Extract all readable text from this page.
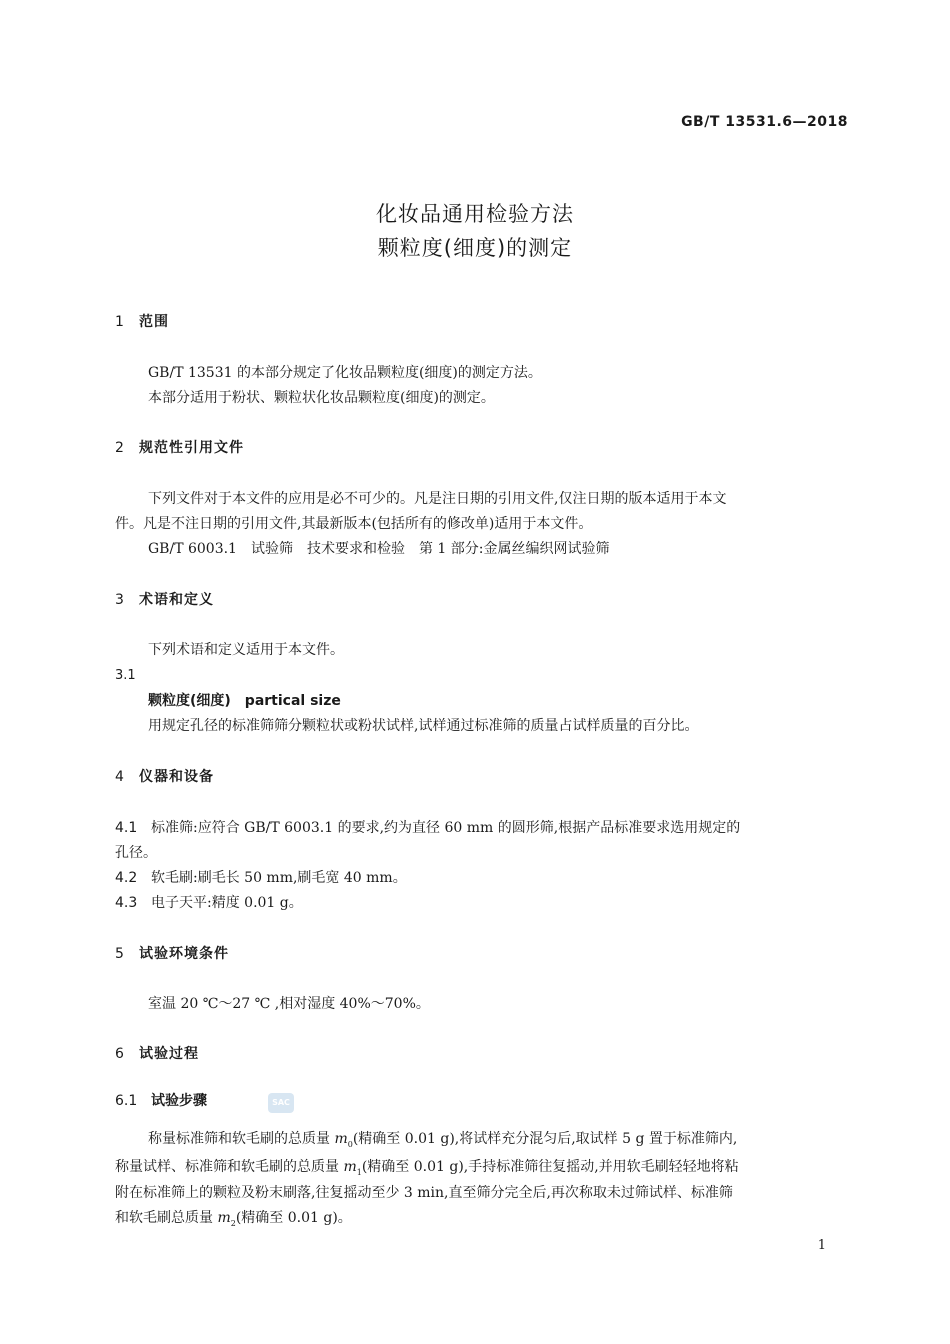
GB/T 13531.6—2018
化妆品通用检验方法
颗粒度(细度)的测定
1 范围
GB/T 13531 的本部分规定了化妆品颗粒度(细度)的测定方法。
本部分适用于粉状、颗粒状化妆品颗粒度(细度)的测定。
2 规范性引用文件
下列文件对于本文件的应用是必不可少的。凡是注日期的引用文件,仅注日期的版本适用于本文
件。凡是不注日期的引用文件,其最新版本(包括所有的修改单)适用于本文件。
GB/T 6003.1　试验筛　技术要求和检验　第 1 部分:金属丝编织网试验筛
3 术语和定义
下列术语和定义适用于本文件。
3.1
颗粒度(细度)　partical size
用规定孔径的标准筛筛分颗粒状或粉状试样,试样通过标准筛的质量占试样质量的百分比。
4 仪器和设备
4.1 标准筛:应符合 GB/T 6003.1 的要求,约为直径 60 mm 的圆形筛,根据产品标准要求选用规定的
孔径。
4.2 软毛刷:刷毛长 50 mm,刷毛宽 40 mm。
4.3 电子天平:精度 0.01 g。
5 试验环境条件
室温 20 ℃～27 ℃ ,相对湿度 40%～70%。
6 试验过程
6.1 试验步骤	SAC
称量标准筛和软毛刷的总质量 $m_0$(精确至 0.01 g),将试样充分混匀后,取试样 5 g 置于标准筛内,
称量试样、标准筛和软毛刷的总质量 $m_1$(精确至 0.01 g),手持标准筛往复摇动,并用软毛刷轻轻地将粘
附在标准筛上的颗粒及粉末刷落,往复摇动至少 3 min,直至筛分完全后,再次称取未过筛试样、标准筛
和软毛刷总质量 $m_2$(精确至 0.01 g)。
1
